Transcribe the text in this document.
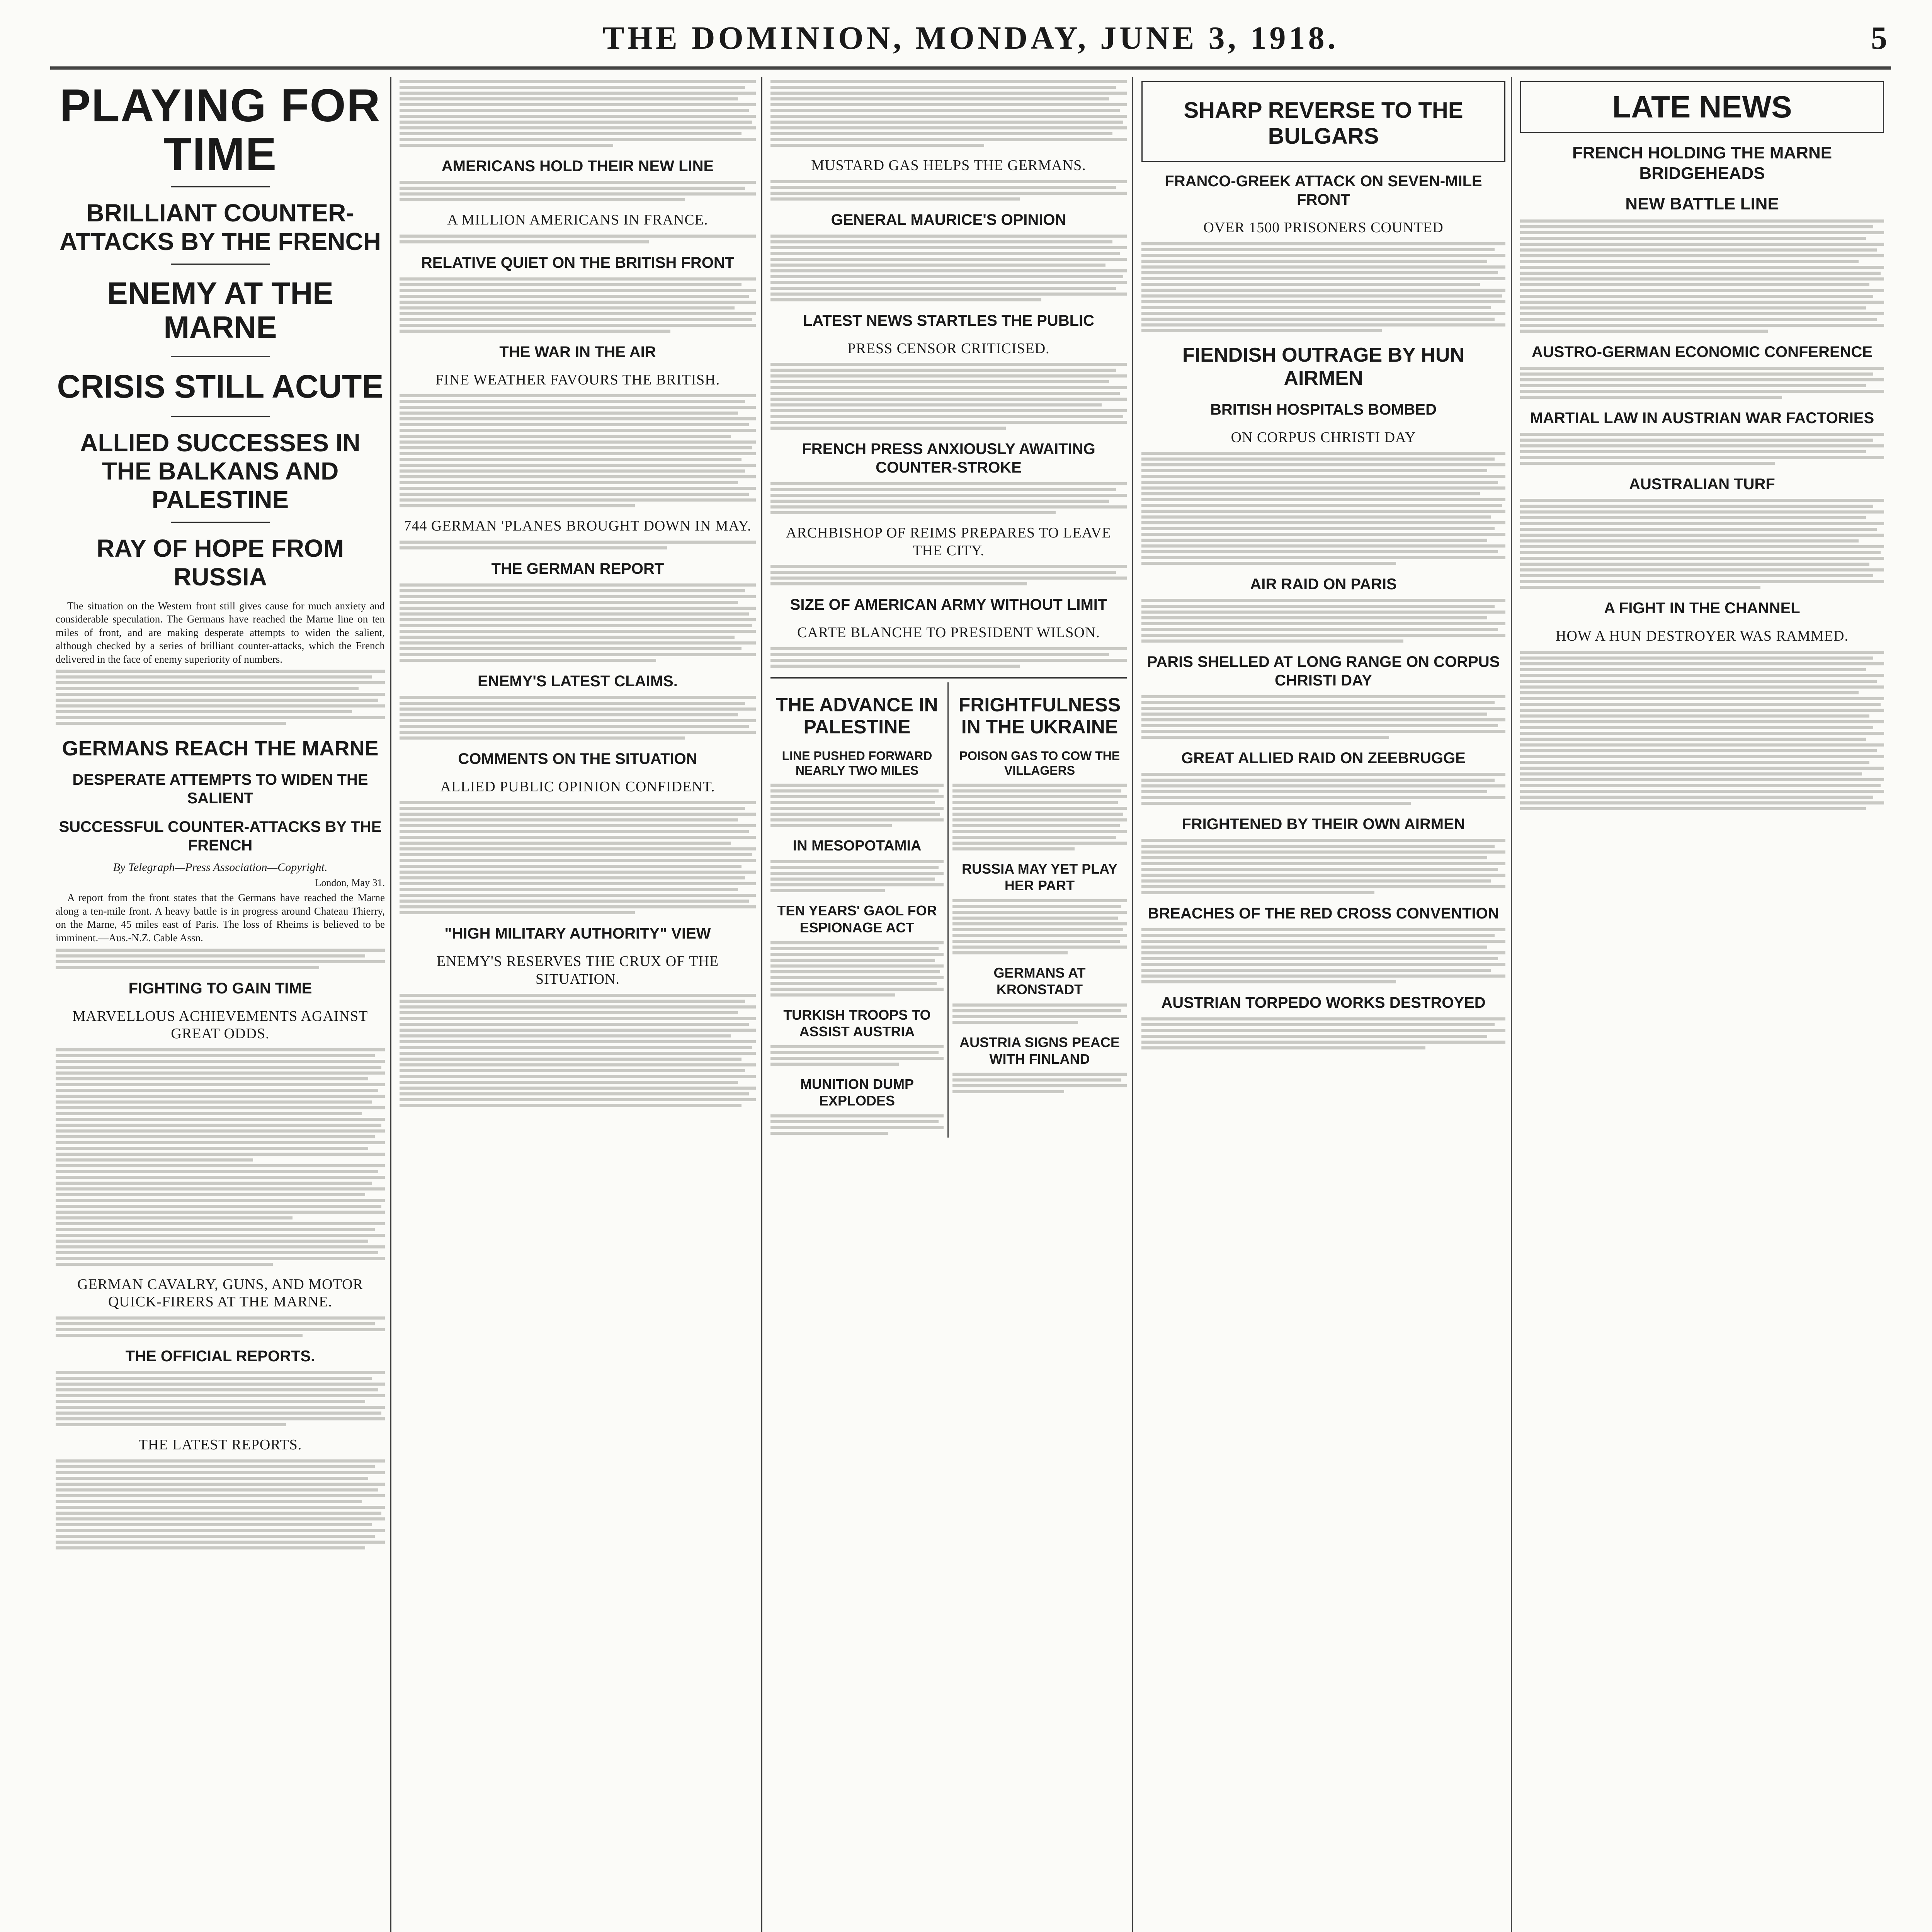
THE DOMINION, MONDAY, JUNE 3, 1918.	5
PLAYING FOR TIME
BRILLIANT COUNTER-ATTACKS BY THE FRENCH
ENEMY AT THE MARNE
CRISIS STILL ACUTE
ALLIED SUCCESSES IN THE BALKANS AND PALESTINE
RAY OF HOPE FROM RUSSIA

The situation on the Western front still gives cause for much anxiety and considerable speculation. The Germans have reached the Marne line on ten miles of front, and are making desperate attempts to widen the salient, although checked by a series of brilliant counter-attacks, which the French delivered in the face of enemy superiority of numbers.

GERMANS REACH THE MARNE
DESPERATE ATTEMPTS TO WIDEN THE SALIENT
SUCCESSFUL COUNTER-ATTACKS BY THE FRENCH
By Telegraph—Press Association—Copyright.
London, May 31.

A report from the front states that the Germans have reached the Marne along a ten-mile front. A heavy battle is in progress around Chateau Thierry, on the Marne, 45 miles east of Paris. The loss of Rheims is believed to be imminent.—Aus.-N.Z. Cable Assn.

FIGHTING TO GAIN TIME
MARVELLOUS ACHIEVEMENTS AGAINST GREAT ODDS.
GERMAN CAVALRY, GUNS, AND MOTOR QUICK-FIRERS AT THE MARNE.
THE OFFICIAL REPORTS.
THE LATEST REPORTS.
AMERICANS HOLD THEIR NEW LINE
A MILLION AMERICANS IN FRANCE.
RELATIVE QUIET ON THE BRITISH FRONT
THE WAR IN THE AIR
FINE WEATHER FAVOURS THE BRITISH.
744 GERMAN 'PLANES BROUGHT DOWN IN MAY.
THE GERMAN REPORT
ENEMY'S LATEST CLAIMS.
COMMENTS ON THE SITUATION
ALLIED PUBLIC OPINION CONFIDENT.
"HIGH MILITARY AUTHORITY" VIEW
ENEMY'S RESERVES THE CRUX OF THE SITUATION.
MUSTARD GAS HELPS THE GERMANS.
GENERAL MAURICE'S OPINION
LATEST NEWS STARTLES THE PUBLIC
PRESS CENSOR CRITICISED.
FRENCH PRESS ANXIOUSLY AWAITING COUNTER-STROKE
ARCHBISHOP OF REIMS PREPARES TO LEAVE THE CITY.
SIZE OF AMERICAN ARMY WITHOUT LIMIT
CARTE BLANCHE TO PRESIDENT WILSON.
THE ADVANCE IN PALESTINE
LINE PUSHED FORWARD NEARLY TWO MILES
IN MESOPOTAMIA
TEN YEARS' GAOL FOR ESPIONAGE ACT
TURKISH TROOPS TO ASSIST AUSTRIA
MUNITION DUMP EXPLODES
FRIGHTFULNESS IN THE UKRAINE
POISON GAS TO COW THE VILLAGERS
RUSSIA MAY YET PLAY HER PART
GERMANS AT KRONSTADT
AUSTRIA SIGNS PEACE WITH FINLAND
SHARP REVERSE TO THE BULGARS
FRANCO-GREEK ATTACK ON SEVEN-MILE FRONT
OVER 1500 PRISONERS COUNTED
FIENDISH OUTRAGE BY HUN AIRMEN
BRITISH HOSPITALS BOMBED
ON CORPUS CHRISTI DAY
AIR RAID ON PARIS
PARIS SHELLED AT LONG RANGE ON CORPUS CHRISTI DAY
GREAT ALLIED RAID ON ZEEBRUGGE
FRIGHTENED BY THEIR OWN AIRMEN
BREACHES OF THE RED CROSS CONVENTION
AUSTRIAN TORPEDO WORKS DESTROYED
LATE NEWS
FRENCH HOLDING THE MARNE BRIDGEHEADS
NEW BATTLE LINE
AUSTRO-GERMAN ECONOMIC CONFERENCE
MARTIAL LAW IN AUSTRIAN WAR FACTORIES
AUSTRALIAN TURF
A FIGHT IN THE CHANNEL
HOW A HUN DESTROYER WAS RAMMED.
